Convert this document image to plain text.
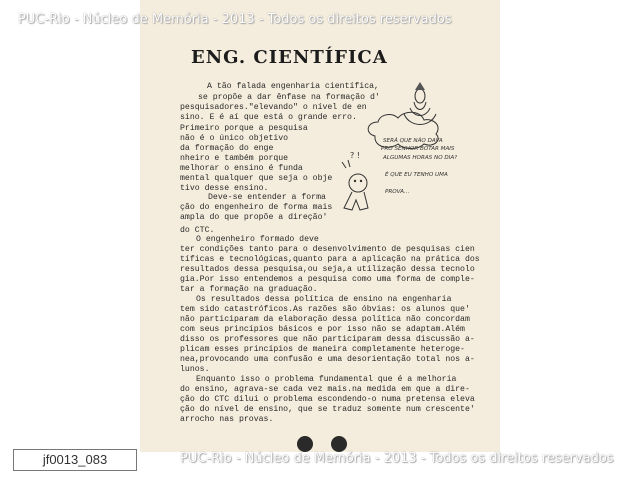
PUC-Rio - Núcleo de Memória - 2013 - Todos os direitos reservados
ENG. CIENTÍFICA
A tão falada engenharia científica,
se propõe a dar ênfase na formação d'
pesquisadores."elevando" o nível de en
sino. E é aí que está o grande erro.
Primeiro porque a pesquisa
não é o único objetivo
da formação do enge
nheiro e também porque
melhorar o ensino é funda
mental qualquer que seja o obje
tivo desse ensino.
Deve-se entender a forma
ção do engenheiro de forma mais
ampla do que propõe a direção'
do CTC.
O engenheiro formado deve
ter condições tanto para o desenvolvimento de pesquisas cien
tíficas e tecnológicas,quanto para a aplicação na prática dos
resultados dessa pesquisa,ou seja,a utilização dessa tecnolo
gia.Por isso entendemos a pesquisa como uma forma de comple-
tar a formação na graduação.
Os resultados dessa política de ensino na engenharia
tem sido catastróficos.As razões são óbvias: os alunos que'
não participaram da elaboração dessa política não concordam
com seus princípios básicos e por isso não se adaptam.Além
disso os professores que não participaram dessa discussão a-
plicam esses princípios de maneira completamente heteroge-
nea,provocando uma confusão e uma desorientação total nos a-
lunos.
Enquanto isso o problema fundamental que é a melhoria
do ensino, agrava-se cada vez mais.na medida em que a dire-
ção do CTC dilui o problema escondendo-o numa pretensa eleva
ção do nível de ensino, que se traduz somente num crescente'
arrocho nas provas.
? !
SERÁ QUE NÃO DAVA
PRO SENHOR BOTAR MAIS
ALGUMAS HORAS NO DIA?
É QUE EU TENHO UMA
PROVA...
jf0013_083	PUC-Rio - Núcleo de Memória - 2013 - Todos os direitos reservados
